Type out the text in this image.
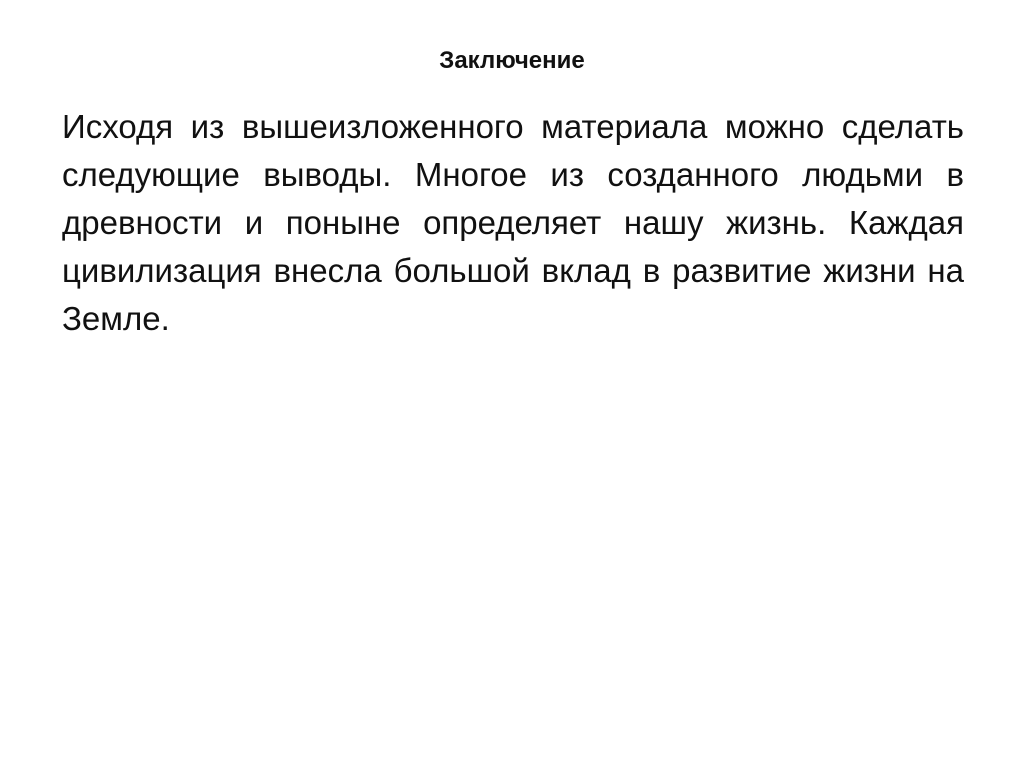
Заключение

Исходя из вышеизложенного материала можно сделать следующие выводы. Многое из созданного людьми в древности и поныне определяет нашу жизнь. Каждая цивилизация внесла большой вклад в развитие жизни на Земле.
